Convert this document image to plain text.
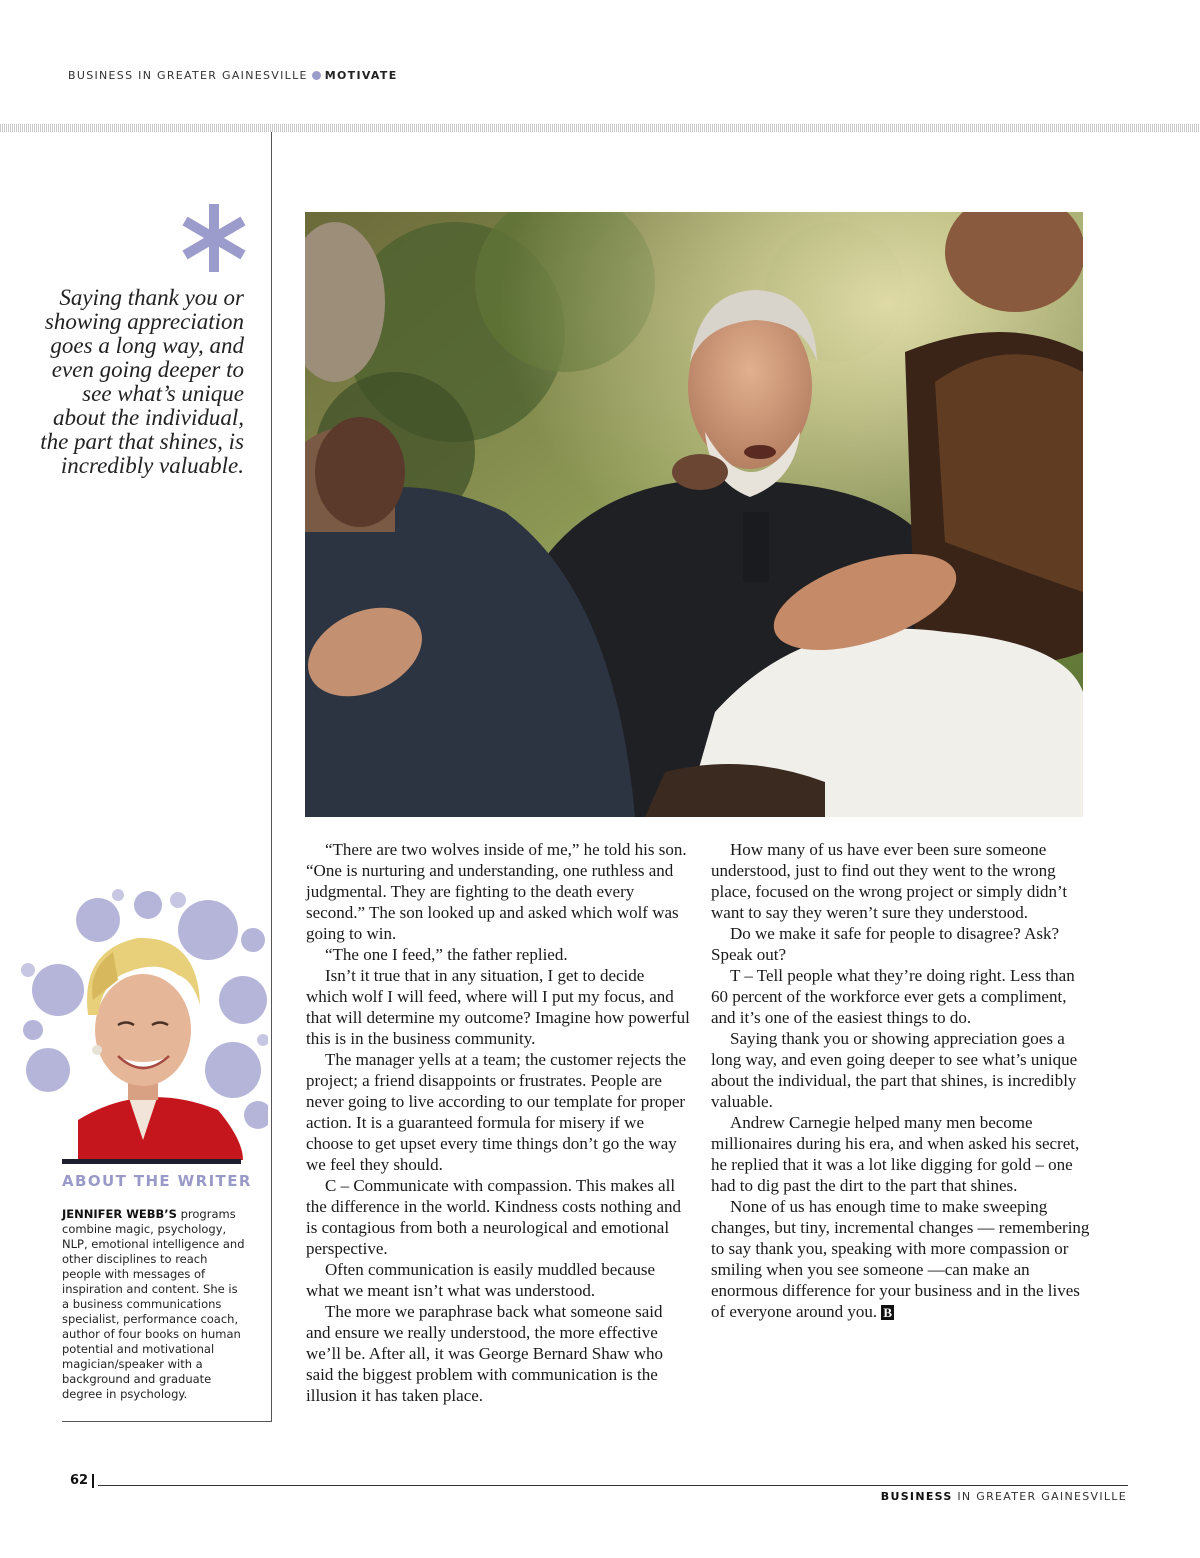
BUSINESS IN GREATER GAINESVILLE MOTIVATE
Saying thank you or showing appreciation goes a long way, and even going deeper to see what’s unique about the individual, the part that shines, is incredibly valuable.
ABOUT THE WRITER
JENNIFER WEBB’S programs combine magic, psychology, NLP, emotional intelligence and other disciplines to reach people with messages of inspiration and content. She is a business communications specialist, performance coach, author of four books on human potential and motivational magician/speaker with a background and graduate degree in psychology.

“There are two wolves inside of me,” he told his son. “One is nurturing and understanding, one ruthless and judgmental. They are fighting to the death every second.” The son looked up and asked which wolf was going to win.

“The one I feed,” the father replied.

Isn’t it true that in any situation, I get to decide which wolf I will feed, where will I put my focus, and that will determine my outcome? Imagine how powerful this is in the business community.

The manager yells at a team; the customer rejects the project; a friend disappoints or frustrates. People are never going to live according to our template for proper action. It is a guaranteed formula for misery if we choose to get upset every time things don’t go the way we feel they should.

C – Communicate with compassion. This makes all the difference in the world. Kindness costs nothing and is contagious from both a neurological and emotional perspective.

Often communication is easily muddled because what we meant isn’t what was understood.

The more we paraphrase back what someone said and ensure we really understood, the more effective we’ll be. After all, it was George Bernard Shaw who said the biggest problem with communication is the illusion it has taken place.

How many of us have ever been sure someone understood, just to find out they went to the wrong place, focused on the wrong project or simply didn’t want to say they weren’t sure they understood.

Do we make it safe for people to disagree? Ask? Speak out?

T – Tell people what they’re doing right. Less than 60 percent of the workforce ever gets a compliment, and it’s one of the easiest things to do.

Saying thank you or showing appreciation goes a long way, and even going deeper to see what’s unique about the individual, the part that shines, is incredibly valuable.

Andrew Carnegie helped many men become millionaires during his era, and when asked his secret, he replied that it was a lot like digging for gold – one had to dig past the dirt to the part that shines.

None of us has enough time to make sweeping changes, but tiny, incremental changes — remembering to say thank you, speaking with more compassion or smiling when you see someone —can make an enormous difference for your business and in the lives of everyone around you. B

62
BUSINESS IN GREATER GAINESVILLE
